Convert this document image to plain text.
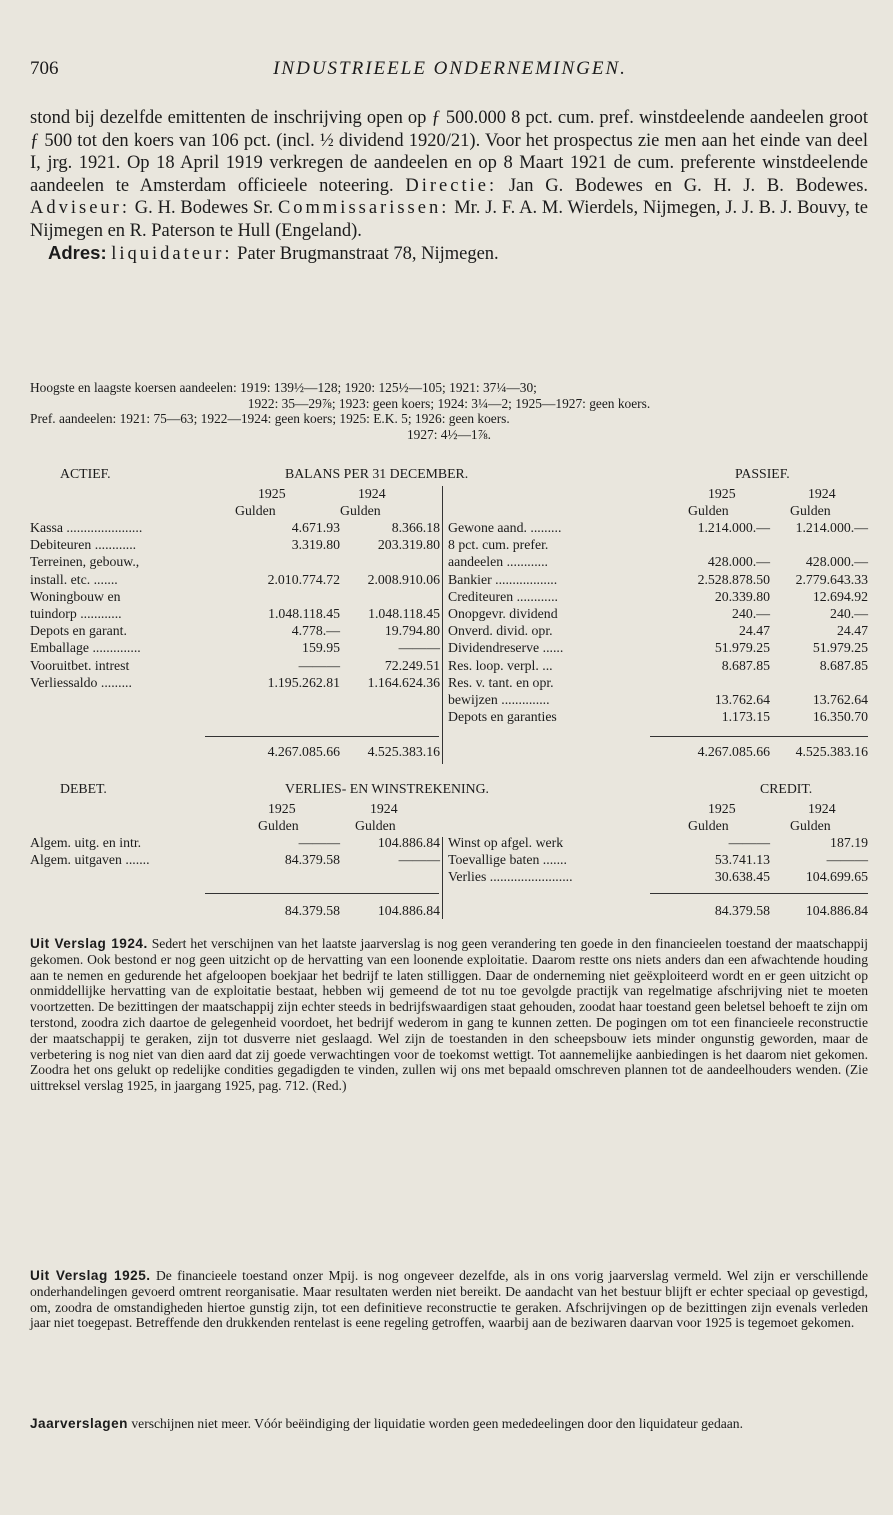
706	INDUSTRIEELE ONDERNEMINGEN.

stond bij dezelfde emittenten de inschrijving open op ƒ 500.000 8 pct. cum. pref. winstdeelende aandeelen groot ƒ 500 tot den koers van 106 pct. (incl. ½ dividend 1920/21). Voor het prospectus zie men aan het einde van deel I, jrg. 1921. Op 18 April 1919 verkregen de aandeelen en op 8 Maart 1921 de cum. preferente winstdeelende aandeelen te Amsterdam officieele noteering. Directie: Jan G. Bodewes en G. H. J. B. Bodewes. Adviseur: G. H. Bodewes Sr. Commissarissen: Mr. J. F. A. M. Wierdels, Nijmegen, J. J. B. J. Bouvy, te Nijmegen en R. Paterson te Hull (Engeland).

Adres: liquidateur: Pater Brugmanstraat 78, Nijmegen.

Hoogste en laagste koersen aandeelen: 1919: 139½—128; 1920: 125½—105; 1921: 37¼—30;

1922: 35—29⅞; 1923: geen koers; 1924: 3¼—2; 1925—1927: geen koers.

Pref. aandeelen: 1921: 75—63; 1922—1924: geen koers; 1925: E.K. 5; 1926: geen koers.

1927: 4½—1⅞.

ACTIEF.	BALANS PER 31 DECEMBER.	PASSIEF.
1925	1924	1925	1924
Gulden	Gulden	Gulden	Gulden
Kassa ......................	4.671.93	8.366.18
Debiteuren ............	3.319.80	203.319.80
Terreinen, gebouw.,
install. etc. .......	2.010.774.72 2.008.910.06
Woningbouw en
tuindorp ............	1.048.118.45 1.048.118.45
Depots en garant.	4.778.—	19.794.80
Emballage ..............	159.95	———
Vooruitbet. intrest	———	72.249.51
Verliessaldo .........	1.195.262.81 1.164.624.36
Gewone aand. .........	1.214.000.— 1.214.000.—
8 pct. cum. prefer.
aandeelen ............	428.000.—	428.000.—
Bankier ..................	2.528.878.50 2.779.643.33
Crediteuren ............	20.339.80	12.694.92
Onopgevr. dividend	240.—	240.—
Onverd. divid. opr.	24.47	24.47
Dividendreserve ......	51.979.25	51.979.25
Res. loop. verpl. ...	8.687.85	8.687.85
Res. v. tant. en opr.
bewijzen ..............	13.762.64	13.762.64
Depots en garanties	1.173.15	16.350.70
4.267.085.66 4.525.383.16	4.267.085.66 4.525.383.16
DEBET.	VERLIES- EN WINSTREKENING.	CREDIT.
1925	1924	1925	1924
Gulden	Gulden	Gulden	Gulden
Algem. uitg. en intr.	———	104.886.84
Algem. uitgaven .......	84.379.58	———
Winst op afgel. werk	———	187.19
Toevallige baten .......	53.741.13	———
Verlies ........................	30.638.45	104.699.65
84.379.58	104.886.84	84.379.58	104.886.84

Uit Verslag 1924. Sedert het verschijnen van het laatste jaarverslag is nog geen verandering ten goede in den financieelen toestand der maatschappij gekomen. Ook bestond er nog geen uitzicht op de hervatting van een loonende exploitatie. Daarom restte ons niets anders dan een afwachtende houding aan te nemen en gedurende het afgeloopen boekjaar het bedrijf te laten stilliggen. Daar de onderneming niet geëxploiteerd wordt en er geen uitzicht op onmiddellijke hervatting van de exploitatie bestaat, hebben wij gemeend de tot nu toe gevolgde practijk van regelmatige afschrijving niet te moeten voortzetten. De bezittingen der maatschappij zijn echter steeds in bedrijfswaardigen staat gehouden, zoodat haar toestand geen beletsel behoeft te zijn om terstond, zoodra zich daartoe de gelegenheid voordoet, het bedrijf wederom in gang te kunnen zetten. De pogingen om tot een financieele reconstructie der maatschappij te geraken, zijn tot dusverre niet geslaagd. Wel zijn de toestanden in den scheepsbouw iets minder ongunstig geworden, maar de verbetering is nog niet van dien aard dat zij goede verwachtingen voor de toekomst wettigt. Tot aannemelijke aanbiedingen is het daarom niet gekomen. Zoodra het ons gelukt op redelijke condities gegadigden te vinden, zullen wij ons met bepaald omschreven plannen tot de aandeelhouders wenden. (Zie uittreksel verslag 1925, in jaargang 1925, pag. 712. (Red.)

Uit Verslag 1925. De financieele toestand onzer Mpij. is nog ongeveer dezelfde, als in ons vorig jaarverslag vermeld. Wel zijn er verschillende onderhandelingen gevoerd omtrent reorganisatie. Maar resultaten werden niet bereikt. De aandacht van het bestuur blijft er echter speciaal op gevestigd, om, zoodra de omstandigheden hiertoe gunstig zijn, tot een definitieve reconstructie te geraken. Afschrijvingen op de bezittingen zijn evenals verleden jaar niet toegepast. Betreffende den drukkenden rentelast is eene regeling getroffen, waarbij aan de beziwaren daarvan voor 1925 is tegemoet gekomen.

Jaarverslagen verschijnen niet meer. Vóór beëindiging der liquidatie worden geen mededeelingen door den liquidateur gedaan.
